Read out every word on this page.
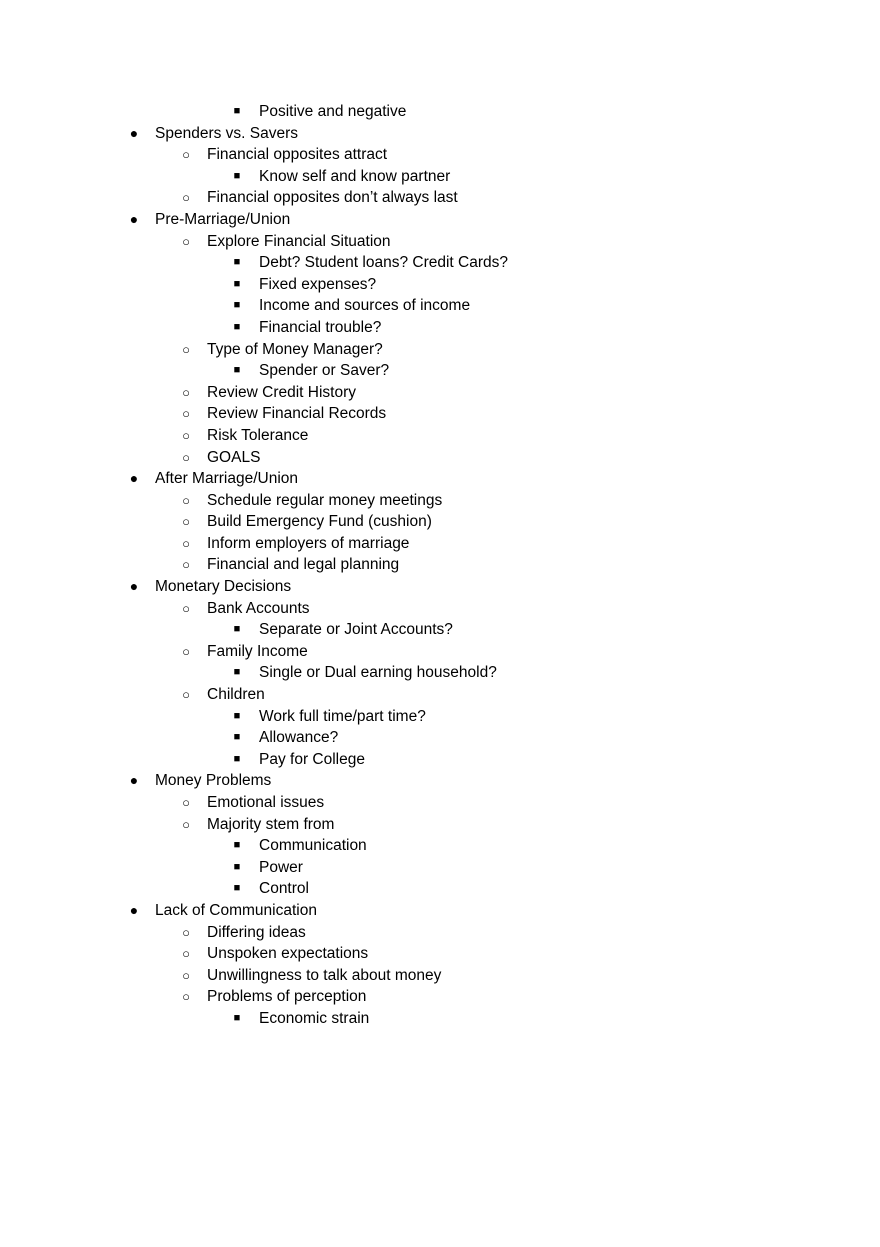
■	Positive and negative
● Spenders vs. Savers
○ Financial opposites attract
■	Know self and know partner
○ Financial opposites don’t always last
● Pre-Marriage/Union
○ Explore Financial Situation
■	Debt? Student loans? Credit Cards?
■	Fixed expenses?
■	Income and sources of income
■	Financial trouble?
○ Type of Money Manager?
■	Spender or Saver?
○ Review Credit History
○ Review Financial Records
○ Risk Tolerance
○ GOALS
● After Marriage/Union
○ Schedule regular money meetings
○ Build Emergency Fund (cushion)
○ Inform employers of marriage
○ Financial and legal planning
● Monetary Decisions
○ Bank Accounts
■	Separate or Joint Accounts?
○ Family Income
■	Single or Dual earning household?
○ Children
■	Work full time/part time?
■	Allowance?
■	Pay for College
● Money Problems
○ Emotional issues
○ Majority stem from
■	Communication
■	Power
■	Control
● Lack of Communication
○ Differing ideas
○ Unspoken expectations
○ Unwillingness to talk about money
○ Problems of perception
■	Economic strain
